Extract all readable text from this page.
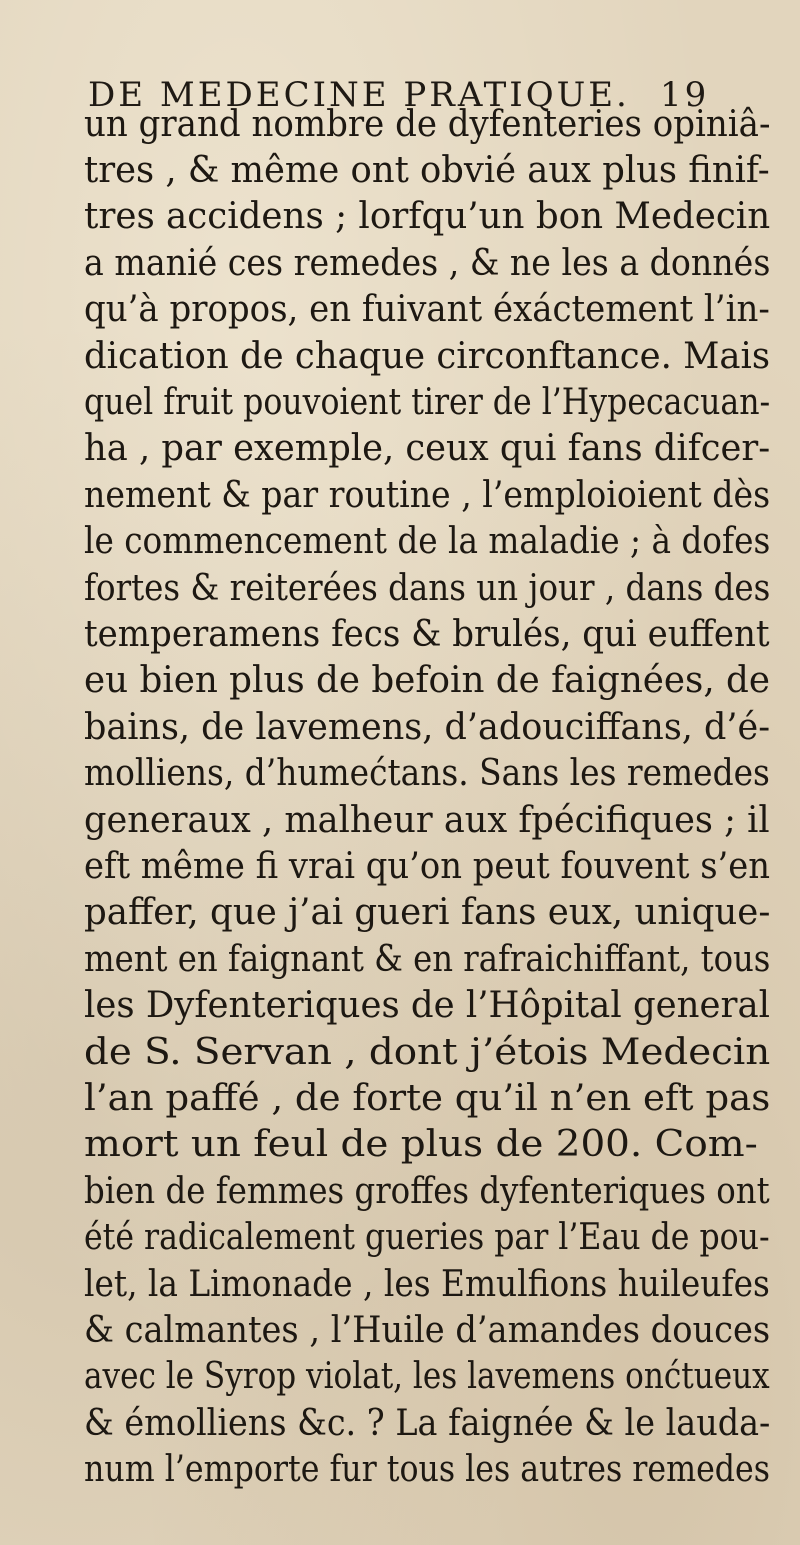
DE MEDECINE PRATIQUE. 19
un grand nombre de dyfenteries opiniâ-
tres , & même ont obvié aux plus finif-
tres accidens ; lorfqu’un bon Medecin
a manié ces remedes , & ne les a donnés
qu’à propos, en fuivant éxáctement l’in-
dication de chaque circonftance. Mais
quel fruit pouvoient tirer de l’Hypecacuan-
ha , par exemple, ceux qui fans difcer-
nement & par routine , l’emploioient dès
le commencement de la maladie ; à dofes
fortes & reiterées dans un jour , dans des
temperamens fecs & brulés, qui euffent
eu bien plus de befoin de faignées, de
bains, de lavemens, d’adouciffans, d’é-
molliens, d’humećtans. Sans les remedes
generaux , malheur aux fpécifiques ; il
eft même fi vrai qu’on peut fouvent s’en
paffer, que j’ai gueri fans eux, unique-
ment en faignant & en rafraichiffant, tous
les Dyfenteriques de l’Hôpital general
de S. Servan , dont j’étois Medecin
l’an paffé , de forte qu’il n’en eft pas
mort un feul de plus de 200. Com-
bien de femmes groffes dyfenteriques ont
été radicalement gueries par l’Eau de pou-
let, la Limonade , les Emulfions huileufes
& calmantes , l’Huile d’amandes douces
avec le Syrop violat, les lavemens onćtueux
& émolliens &c. ? La faignée & le lauda-
num l’emporte fur tous les autres remedes
